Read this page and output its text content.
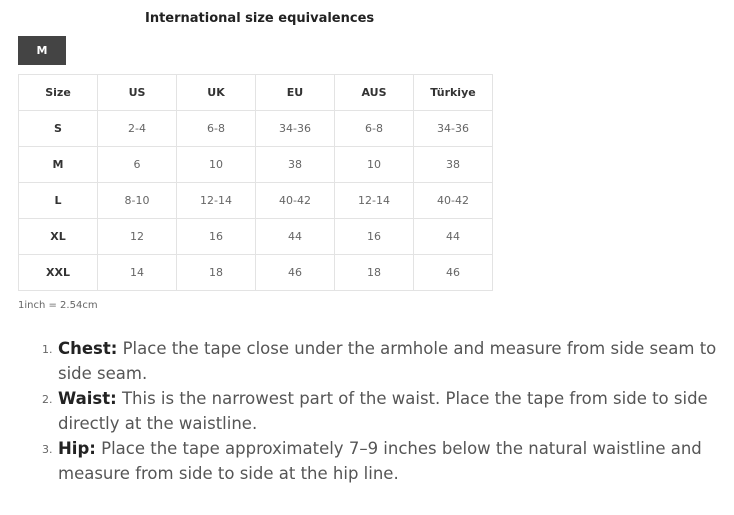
International size equivalences
M
Size	US	UK	EU	AUS	Türkiye
S	2-4	6-8	34-36	6-8	34-36
M	6	10	38	10	38
L	8-10	12-14	40-42	12-14	40-42
XL	12	16	44	16	44
XXL	14	18	46	18	46
1inch = 2.54cm
1. Chest: Place the tape close under the armhole and measure from side seam to side seam.
2. Waist: This is the narrowest part of the waist. Place the tape from side to side directly at the waistline.
3. Hip: Place the tape approximately 7–9 inches below the natural waistline and measure from side to side at the hip line.
